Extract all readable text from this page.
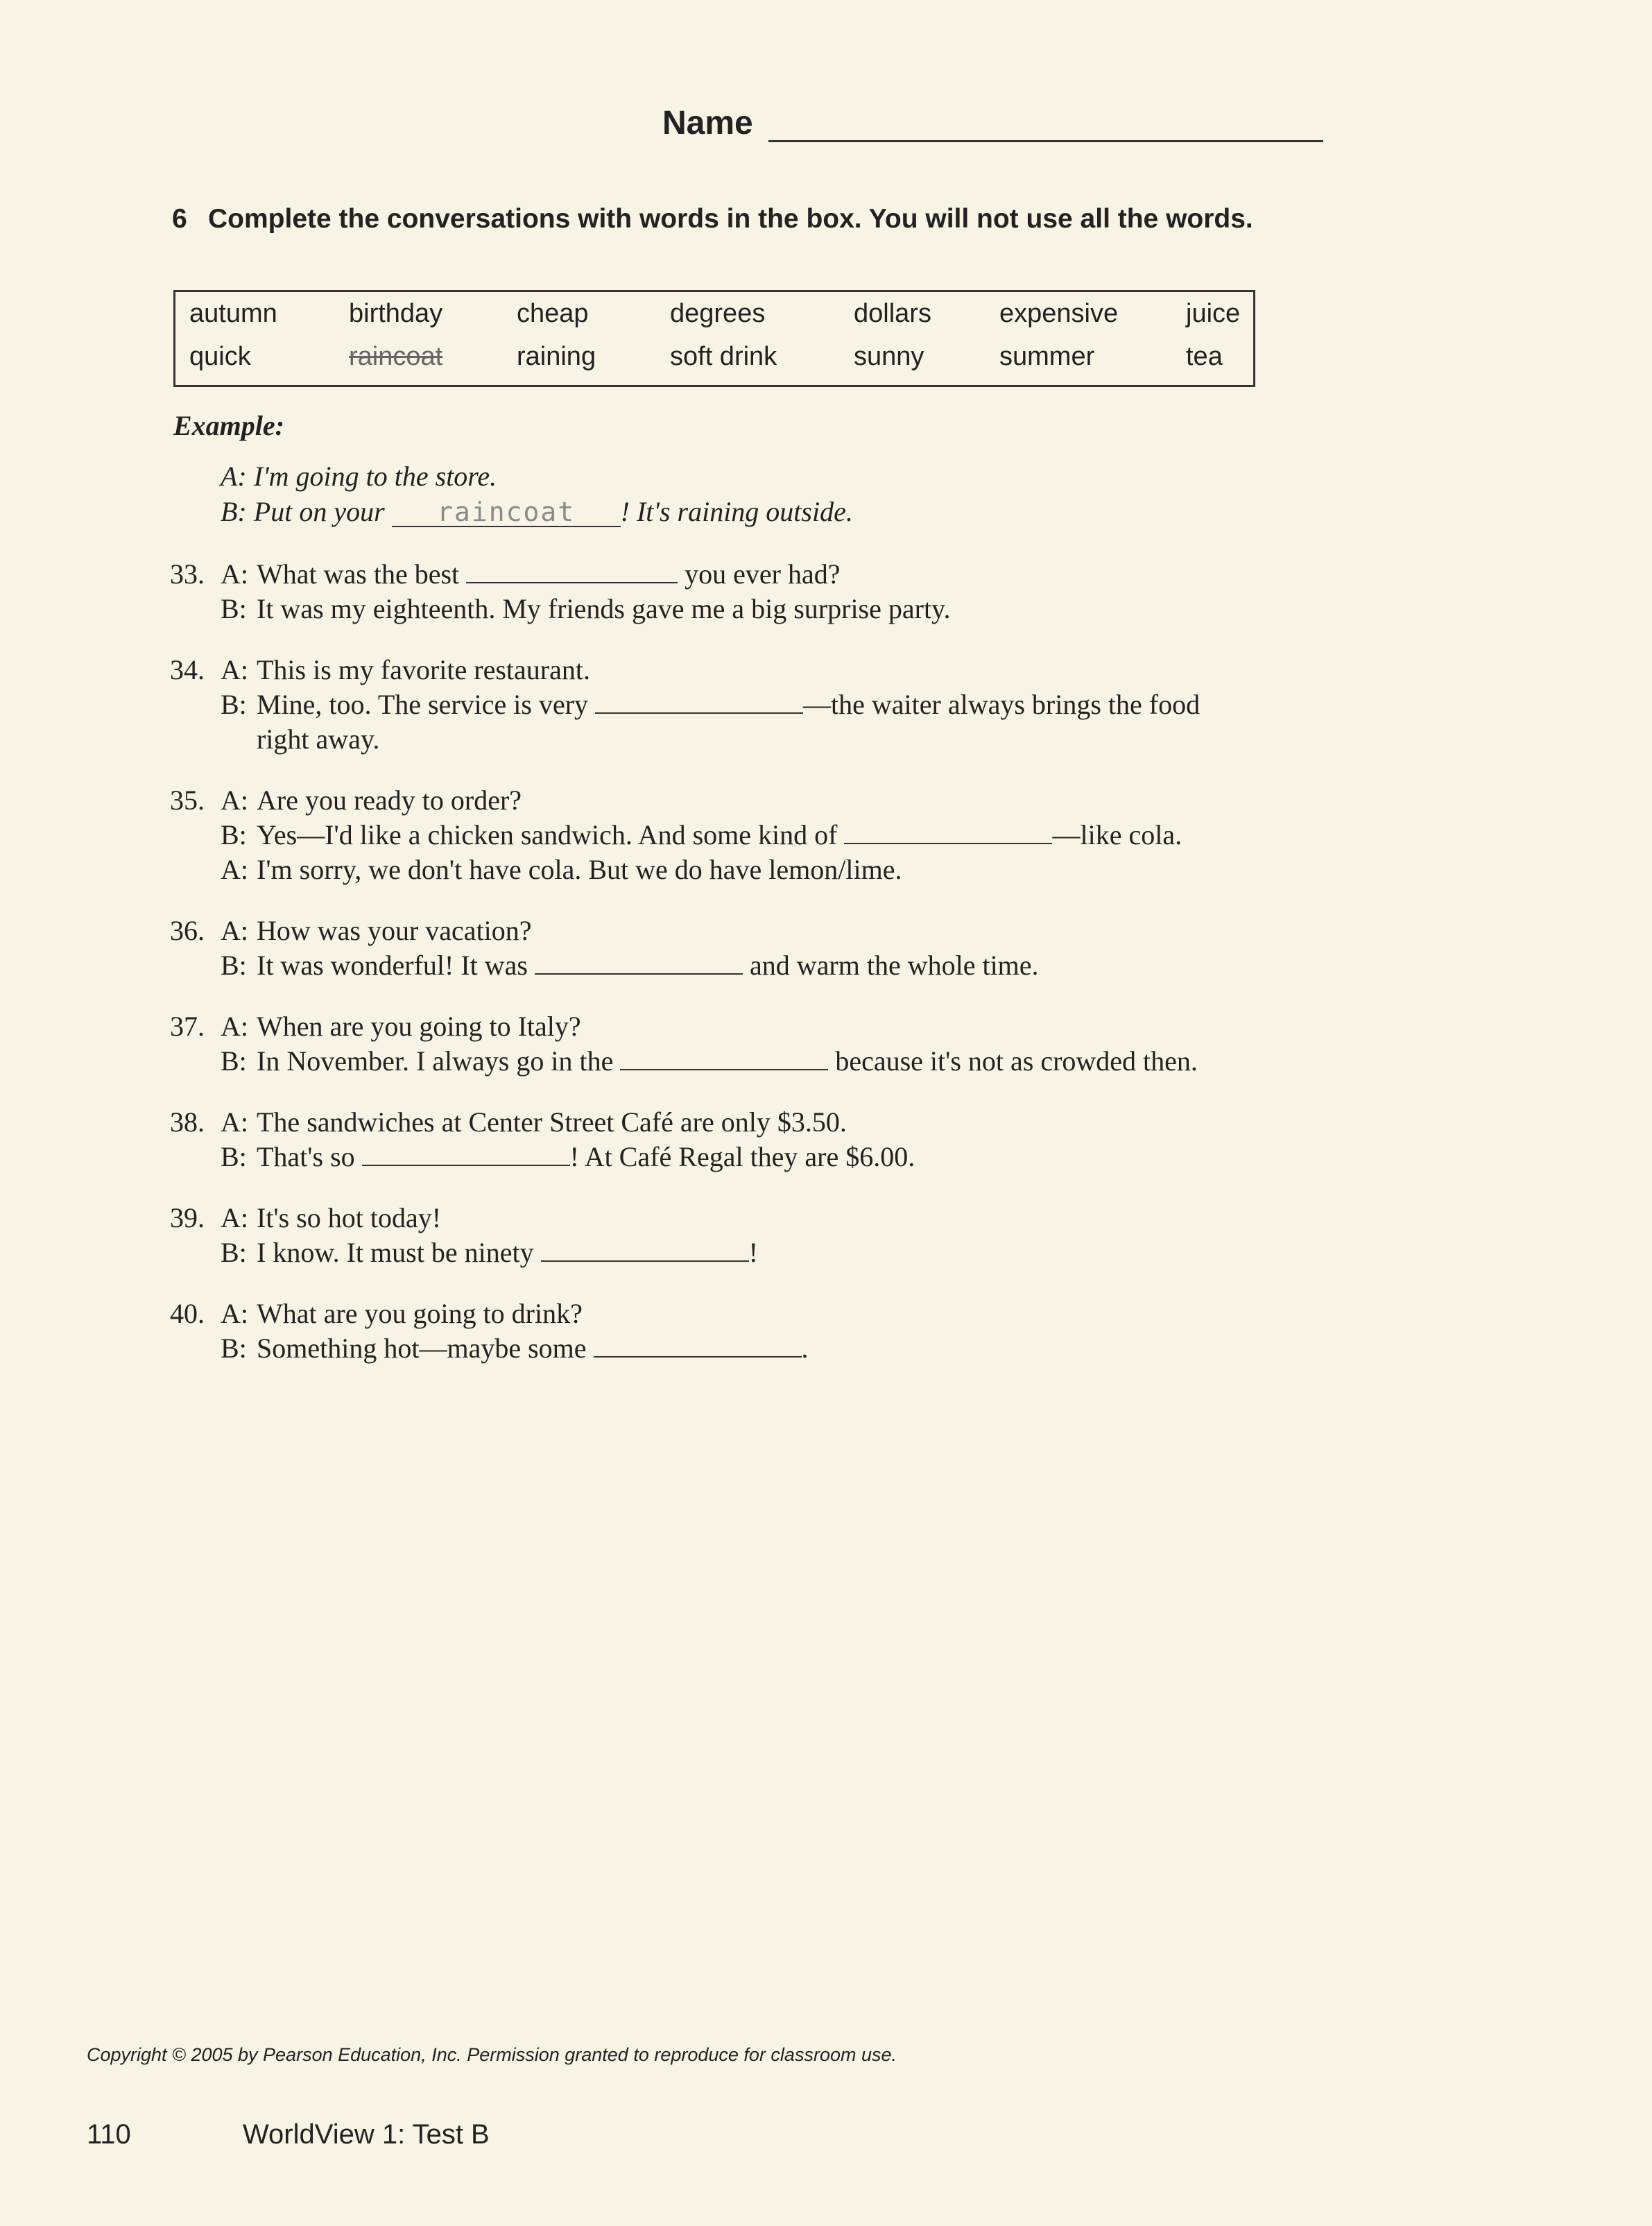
Name
6 Complete the conversations with words in the box. You will not use all the words.
autumn	birthday	cheap	degrees	dollars	expensive	juice
quick	raincoat	raining	soft drink	sunny	summer	tea
Example:
A: I'm going to the store.
B: Put on your raincoat ! It's raining outside.
33. A: What was the best	you ever had?
B: It was my eighteenth. My friends gave me a big surprise party.
34. A: This is my favorite restaurant.
B: Mine, too. The service is very	—the waiter always brings the food
right away.
35. A: Are you ready to order?
B: Yes—I'd like a chicken sandwich. And some kind of	—like cola.
A: I'm sorry, we don't have cola. But we do have lemon/lime.
36. A: How was your vacation?
B: It was wonderful! It was	and warm the whole time.
37. A: When are you going to Italy?
B: In November. I always go in the	because it's not as crowded then.
38. A: The sandwiches at Center Street Café are only $3.50.
B: That's so	! At Café Regal they are $6.00.
39. A: It's so hot today!
B: I know. It must be ninety	!
40. A: What are you going to drink?
B: Something hot—maybe some	.
Copyright © 2005 by Pearson Education, Inc. Permission granted to reproduce for classroom use.
110	WorldView 1: Test B
